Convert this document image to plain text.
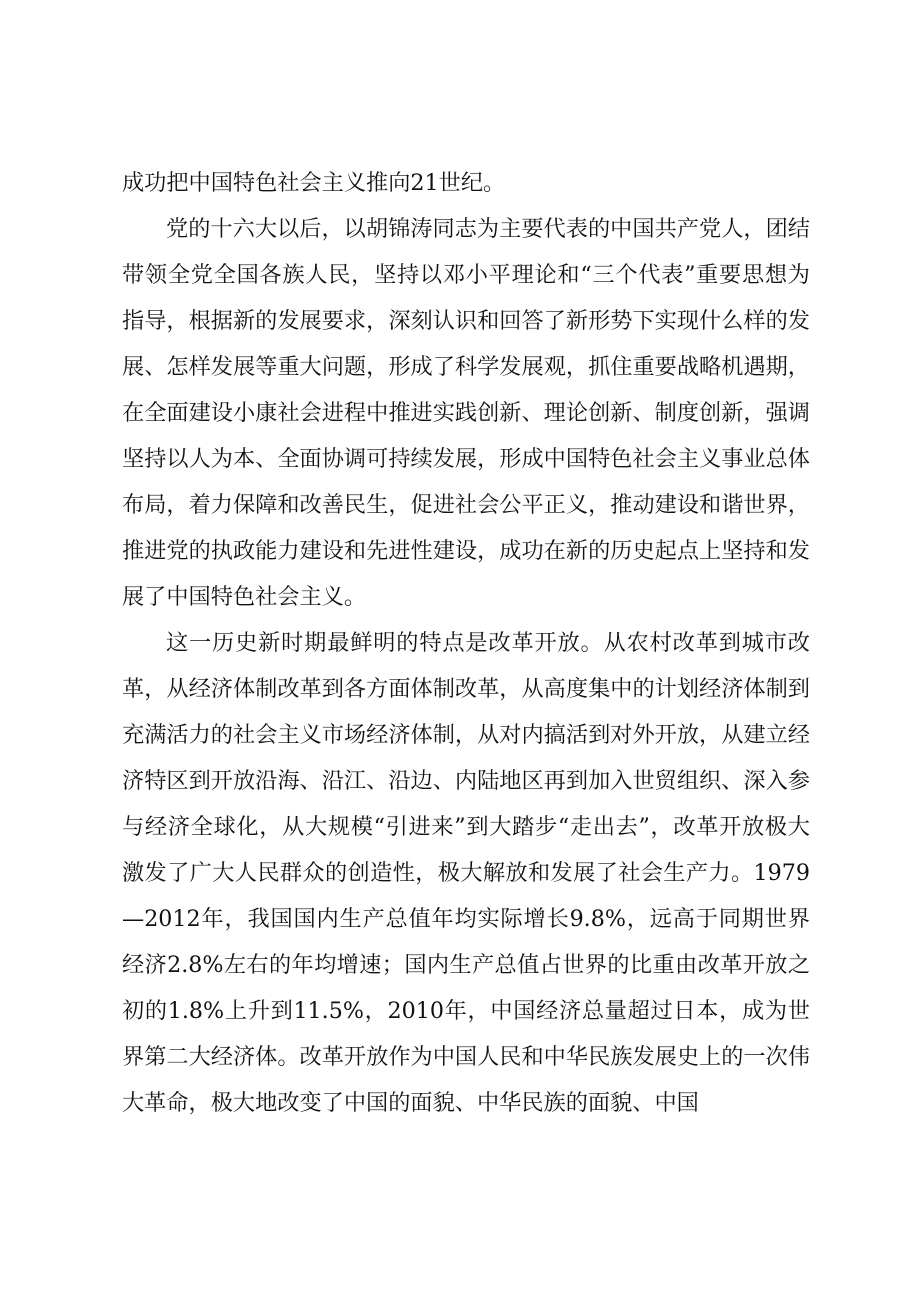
成功把中国特色社会主义推向21世纪。

党的十六大以后，以胡锦涛同志为主要代表的中国共产党人，团结带领全党全国各族人民，坚持以邓小平理论和“三个代表”重要思想为指导，根据新的发展要求，深刻认识和回答了新形势下实现什么样的发展、怎样发展等重大问题，形成了科学发展观，抓住重要战略机遇期，在全面建设小康社会进程中推进实践创新、理论创新、制度创新，强调坚持以人为本、全面协调可持续发展，形成中国特色社会主义事业总体布局，着力保障和改善民生，促进社会公平正义，推动建设和谐世界，推进党的执政能力建设和先进性建设，成功在新的历史起点上坚持和发展了中国特色社会主义。

这一历史新时期最鲜明的特点是改革开放。从农村改革到城市改革，从经济体制改革到各方面体制改革，从高度集中的计划经济体制到充满活力的社会主义市场经济体制，从对内搞活到对外开放，从建立经济特区到开放沿海、沿江、沿边、内陆地区再到加入世贸组织、深入参与经济全球化，从大规模“引进来”到大踏步“走出去”，改革开放极大激发了广大人民群众的创造性，极大解放和发展了社会生产力。1979—2012年，我国国内生产总值年均实际增长9.8%，远高于同期世界经济2.8%左右的年均增速；国内生产总值占世界的比重由改革开放之初的1.8%上升到11.5%，2010年，中国经济总量超过日本，成为世界第二大经济体。改革开放作为中国人民和中华民族发展史上的一次伟大革命，极大地改变了中国的面貌、中华民族的面貌、中国
